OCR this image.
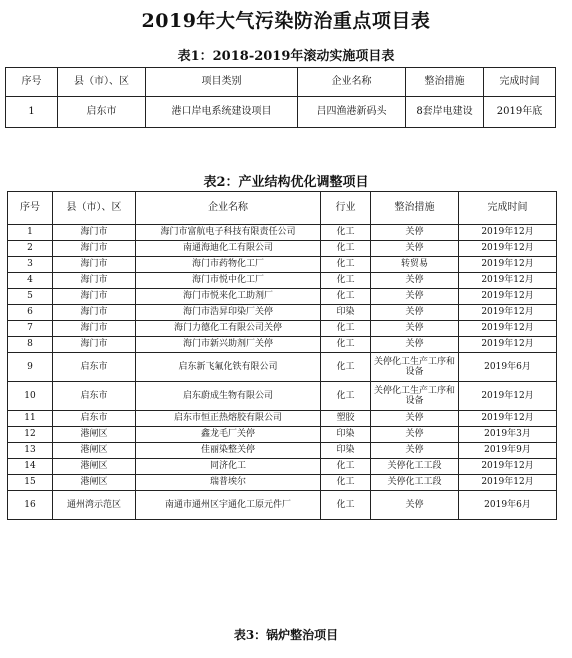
2019年大气污染防治重点项目表
表1：2018-2019年滚动实施项目表
序号	县（市）、区	项目类别	企业名称	整治措施	完成时间
1	启东市	港口岸电系统建设项目	吕四渔港新码头	8套岸电建设	2019年底
表2：产业结构优化调整项目
序号	县（市）、区	企业名称	行业	整治措施	完成时间
1	海门市	海门市富航电子科技有限责任公司	化工	关停	2019年12月
2	海门市	南通海迪化工有限公司	化工	关停	2019年12月
3	海门市	海门市药物化工厂	化工	转贸易	2019年12月
4	海门市	海门市悦中化工厂	化工	关停	2019年12月
5	海门市	海门市悦来化工助剂厂	化工	关停	2019年12月
6	海门市	海门市浩昇印染厂关停	印染	关停	2019年12月
7	海门市	海门力德化工有限公司关停	化工	关停	2019年12月
8	海门市	海门市新兴助剂厂关停	化工	关停	2019年12月
9	启东市	启东新飞氟化铁有限公司	化工	关停化工生产工序和设备	2019年6月
10	启东市	启东蔚成生物有限公司	化工	关停化工生产工序和设备	2019年12月
11	启东市	启东市恒正热熔胶有限公司	塑胶	关停	2019年12月
12	港闸区	鑫龙毛厂关停	印染	关停	2019年3月
13	港闸区	佳丽染整关停	印染	关停	2019年9月
14	港闸区	同济化工	化工	关停化工工段	2019年12月
15	港闸区	瑞普埃尔	化工	关停化工工段	2019年12月
16	通州湾示范区	南通市通州区宇通化工原元件厂	化工	关停	2019年6月
表3：锅炉整治项目
